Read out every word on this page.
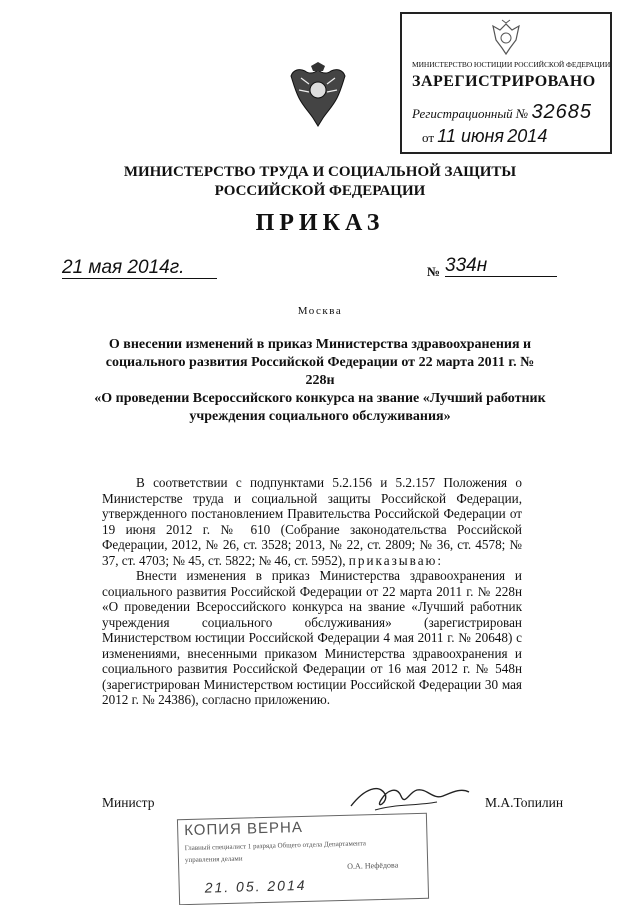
МИНИСТЕРСТВО ЮСТИЦИИ РОССИЙСКОЙ ФЕДЕРАЦИИ
ЗАРЕГИСТРИРОВАНО
Регистрационный № 32685
от 11 июня 2014
МИНИСТЕРСТВО ТРУДА И СОЦИАЛЬНОЙ ЗАЩИТЫ
РОССИЙСКОЙ ФЕДЕРАЦИИ
ПРИКАЗ
21 мая 2014г.	№ 334н
Москва
О внесении изменений в приказ Министерства здравоохранения и
социального развития Российской Федерации от 22 марта 2011 г. № 228н
«О проведении Всероссийского конкурса на звание «Лучший работник
учреждения социального обслуживания»

В соответствии с подпунктами 5.2.156 и 5.2.157 Положения о Министерстве труда и социальной защиты Российской Федерации, утвержденного постановлением Правительства Российской Федерации от 19 июня 2012 г. № 610 (Собрание законодательства Российской Федерации, 2012, № 26, ст. 3528; 2013, № 22, ст. 2809; № 36, ст. 4578; № 37, ст. 4703; № 45, ст. 5822; № 46, ст. 5952), приказываю:

Внести изменения в приказ Министерства здравоохранения и социального развития Российской Федерации от 22 марта 2011 г. № 228н «О проведении Всероссийского конкурса на звание «Лучший работник учреждения социального обслуживания» (зарегистрирован Министерством юстиции Российской Федерации 4 мая 2011 г. № 20648) с изменениями, внесенными приказом Министерства здравоохранения и социального развития Российской Федерации от 16 мая 2012 г. № 548н (зарегистрирован Министерством юстиции Российской Федерации 30 мая 2012 г. № 24386), согласно приложению.

Министр	М.А.Топилин
КОПИЯ ВЕРНА
Главный специалист 1 разряда Общего отдела Департамента
управления делами
О.А. Нефёдова
21. 05. 2014
